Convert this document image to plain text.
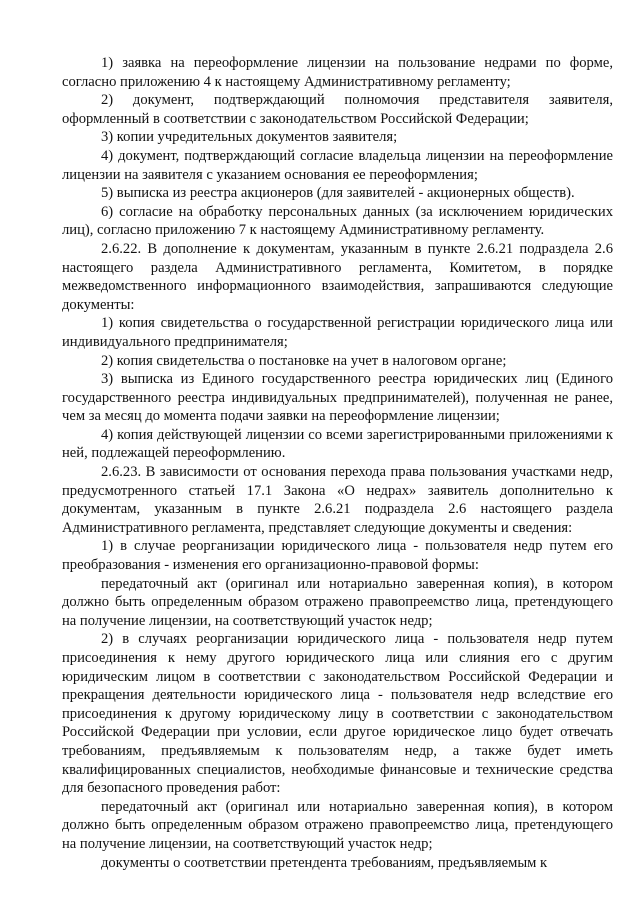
1) заявка на переоформление лицензии на пользование недрами по форме, согласно приложению 4 к настоящему Административному регламенту;

2) документ, подтверждающий полномочия представителя заявителя, оформленный в соответствии с законодательством Российской Федерации;

3) копии учредительных документов заявителя;

4) документ, подтверждающий согласие владельца лицензии на переоформление лицензии на заявителя с указанием основания ее переоформления;

5) выписка из реестра акционеров (для заявителей - акционерных обществ).

6) согласие на обработку персональных данных (за исключением юридических лиц), согласно приложению 7 к настоящему Административному регламенту.

2.6.22. В дополнение к документам, указанным в пункте 2.6.21 подраздела 2.6 настоящего раздела Административного регламента, Комитетом, в порядке межведомственного информационного взаимодействия, запрашиваются следующие документы:

1) копия свидетельства о государственной регистрации юридического лица или индивидуального предпринимателя;

2) копия свидетельства о постановке на учет в налоговом органе;

3) выписка из Единого государственного реестра юридических лиц (Единого государственного реестра индивидуальных предпринимателей), полученная не ранее, чем за месяц до момента подачи заявки на переоформление лицензии;

4) копия действующей лицензии со всеми зарегистрированными приложениями к ней, подлежащей переоформлению.

2.6.23. В зависимости от основания перехода права пользования участками недр, предусмотренного статьей 17.1 Закона «О недрах» заявитель дополнительно к документам, указанным в пункте 2.6.21 подраздела 2.6 настоящего раздела Административного регламента, представляет следующие документы и сведения:

1) в случае реорганизации юридического лица - пользователя недр путем его преобразования - изменения его организационно-правовой формы:

передаточный акт (оригинал или нотариально заверенная копия), в котором должно быть определенным образом отражено правопреемство лица, претендующего на получение лицензии, на соответствующий участок недр;

2) в случаях реорганизации юридического лица - пользователя недр путем присоединения к нему другого юридического лица или слияния его с другим юридическим лицом в соответствии с законодательством Российской Федерации и прекращения деятельности юридического лица - пользователя недр вследствие его присоединения к другому юридическому лицу в соответствии с законодательством Российской Федерации при условии, если другое юридическое лицо будет отвечать требованиям, предъявляемым к пользователям недр, а также будет иметь квалифицированных специалистов, необходимые финансовые и технические средства для безопасного проведения работ:

передаточный акт (оригинал или нотариально заверенная копия), в котором должно быть определенным образом отражено правопреемство лица, претендующего на получение лицензии, на соответствующий участок недр;

документы о соответствии претендента требованиям, предъявляемым к
